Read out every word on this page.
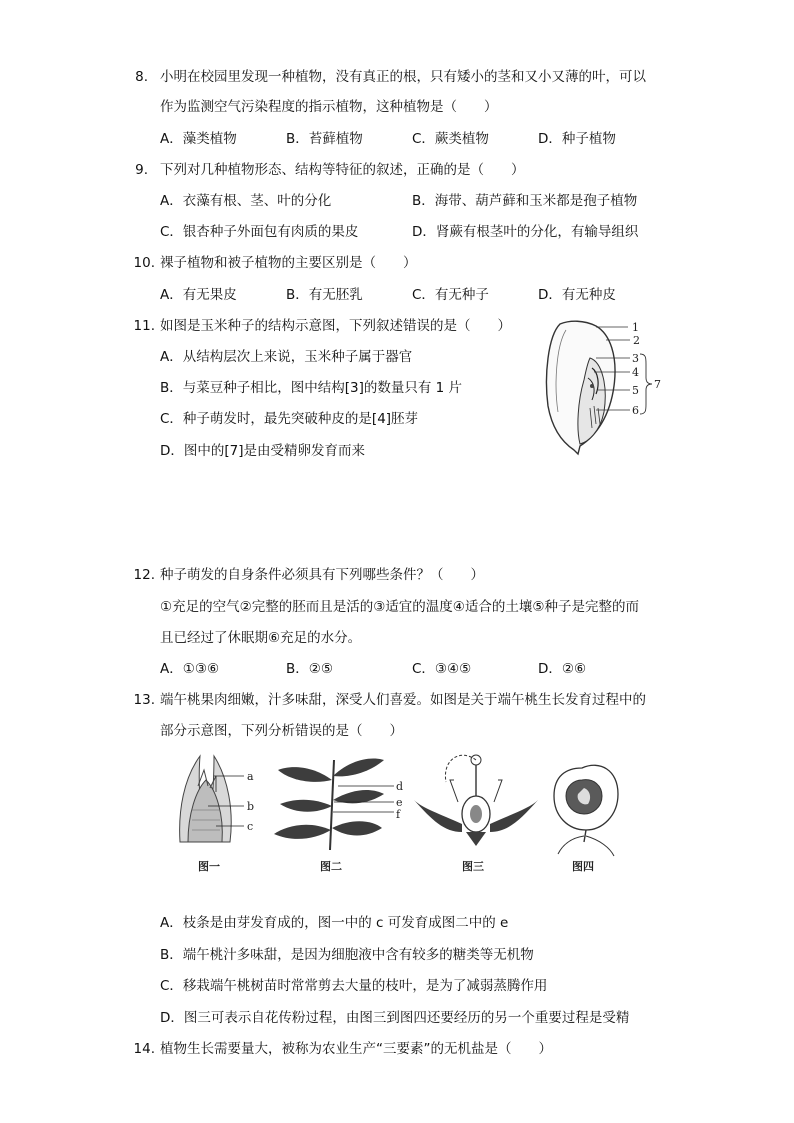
8. 小明在校园里发现一种植物，没有真正的根，只有矮小的茎和又小又薄的叶，可以
作为监测空气污染程度的指示植物，这种植物是（　　）
A．藻类植物	B．苔藓植物	C．蕨类植物	D．种子植物
9. 下列对几种植物形态、结构等特征的叙述，正确的是（　　）
A．衣藻有根、茎、叶的分化	B．海带、葫芦藓和玉米都是孢子植物
C．银杏种子外面包有肉质的果皮	D．肾蕨有根茎叶的分化，有输导组织
10. 裸子植物和被子植物的主要区别是（　　）
A．有无果皮	B．有无胚乳	C．有无种子	D．有无种皮
11. 如图是玉米种子的结构示意图，下列叙述错误的是（　　）
A．从结构层次上来说，玉米种子属于器官
B．与菜豆种子相比，图中结构[3]的数量只有 1 片
C．种子萌发时，最先突破种皮的是[4]胚芽
D．图中的[7]是由受精卵发育而来
1
2
3
4
5
6
7
12. 种子萌发的自身条件必须具有下列哪些条件？（　　）
①充足的空气②完整的胚而且是活的③适宜的温度④适合的土壤⑤种子是完整的而
且已经过了休眠期⑥充足的水分。
A．①③⑥	B．②⑤	C．③④⑤	D．②⑥
13. 端午桃果肉细嫩，汁多味甜，深受人们喜爱。如图是关于端午桃生长发育过程中的
部分示意图，下列分析错误的是（　　）
a
b
c
图一
d
e
f
图二	图三	图四
A．枝条是由芽发育成的，图一中的 c 可发育成图二中的 e
B．端午桃汁多味甜，是因为细胞液中含有较多的糖类等无机物
C．移栽端午桃树苗时常常剪去大量的枝叶，是为了减弱蒸腾作用
D．图三可表示自花传粉过程，由图三到图四还要经历的另一个重要过程是受精
14. 植物生长需要量大，被称为农业生产“三要素”的无机盐是（　　）
